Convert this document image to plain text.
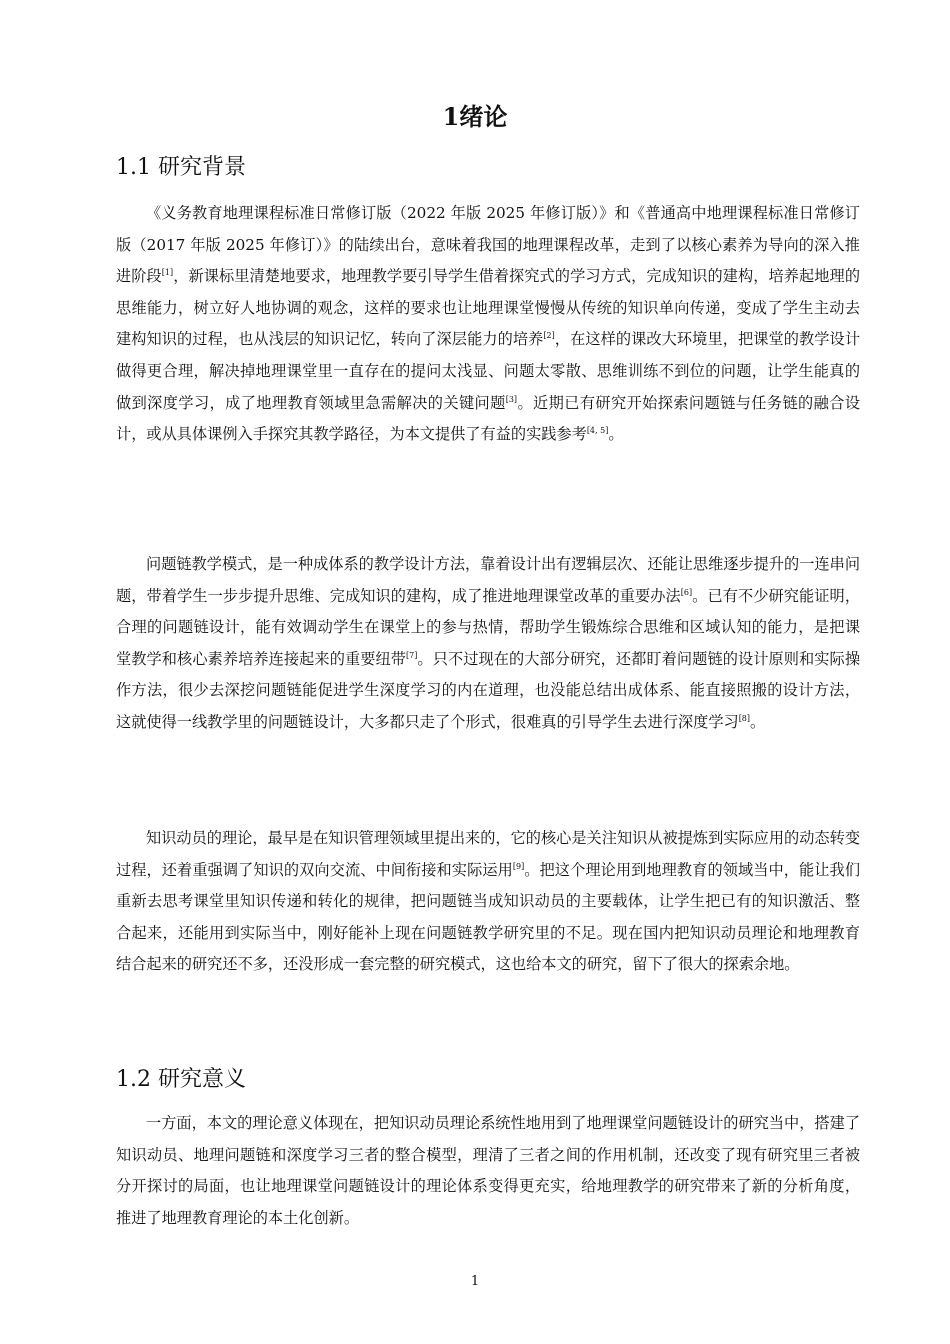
1绪论
1.1 研究背景

《义务教育地理课程标准日常修订版（2022 年版 2025 年修订版）》和《普通高中地理课程标准日常修订版（2017 年版 2025 年修订）》的陆续出台，意味着我国的地理课程改革，走到了以核心素养为导向的深入推进阶段[1]，新课标里清楚地要求，地理教学要引导学生借着探究式的学习方式，完成知识的建构，培养起地理的思维能力，树立好人地协调的观念，这样的要求也让地理课堂慢慢从传统的知识单向传递，变成了学生主动去建构知识的过程，也从浅层的知识记忆，转向了深层能力的培养[2]，在这样的课改大环境里，把课堂的教学设计做得更合理，解决掉地理课堂里一直存在的提问太浅显、问题太零散、思维训练不到位的问题，让学生能真的做到深度学习，成了地理教育领域里急需解决的关键问题[3]。近期已有研究开始探索问题链与任务链的融合设计，或从具体课例入手探究其教学路径，为本文提供了有益的实践参考[4, 5]。

问题链教学模式，是一种成体系的教学设计方法，靠着设计出有逻辑层次、还能让思维逐步提升的一连串问题，带着学生一步步提升思维、完成知识的建构，成了推进地理课堂改革的重要办法[6]。已有不少研究能证明，合理的问题链设计，能有效调动学生在课堂上的参与热情，帮助学生锻炼综合思维和区域认知的能力，是把课堂教学和核心素养培养连接起来的重要纽带[7]。只不过现在的大部分研究，还都盯着问题链的设计原则和实际操作方法，很少去深挖问题链能促进学生深度学习的内在道理，也没能总结出成体系、能直接照搬的设计方法，这就使得一线教学里的问题链设计，大多都只走了个形式，很难真的引导学生去进行深度学习[8]。

知识动员的理论，最早是在知识管理领域里提出来的，它的核心是关注知识从被提炼到实际应用的动态转变过程，还着重强调了知识的双向交流、中间衔接和实际运用[9]。把这个理论用到地理教育的领域当中，能让我们重新去思考课堂里知识传递和转化的规律，把问题链当成知识动员的主要载体，让学生把已有的知识激活、整合起来，还能用到实际当中，刚好能补上现在问题链教学研究里的不足。现在国内把知识动员理论和地理教育结合起来的研究还不多，还没形成一套完整的研究模式，这也给本文的研究，留下了很大的探索余地。

1.2 研究意义

一方面，本文的理论意义体现在，把知识动员理论系统性地用到了地理课堂问题链设计的研究当中，搭建了知识动员、地理问题链和深度学习三者的整合模型，理清了三者之间的作用机制，还改变了现有研究里三者被分开探讨的局面，也让地理课堂问题链设计的理论体系变得更充实，给地理教学的研究带来了新的分析角度，推进了地理教育理论的本土化创新。

1
